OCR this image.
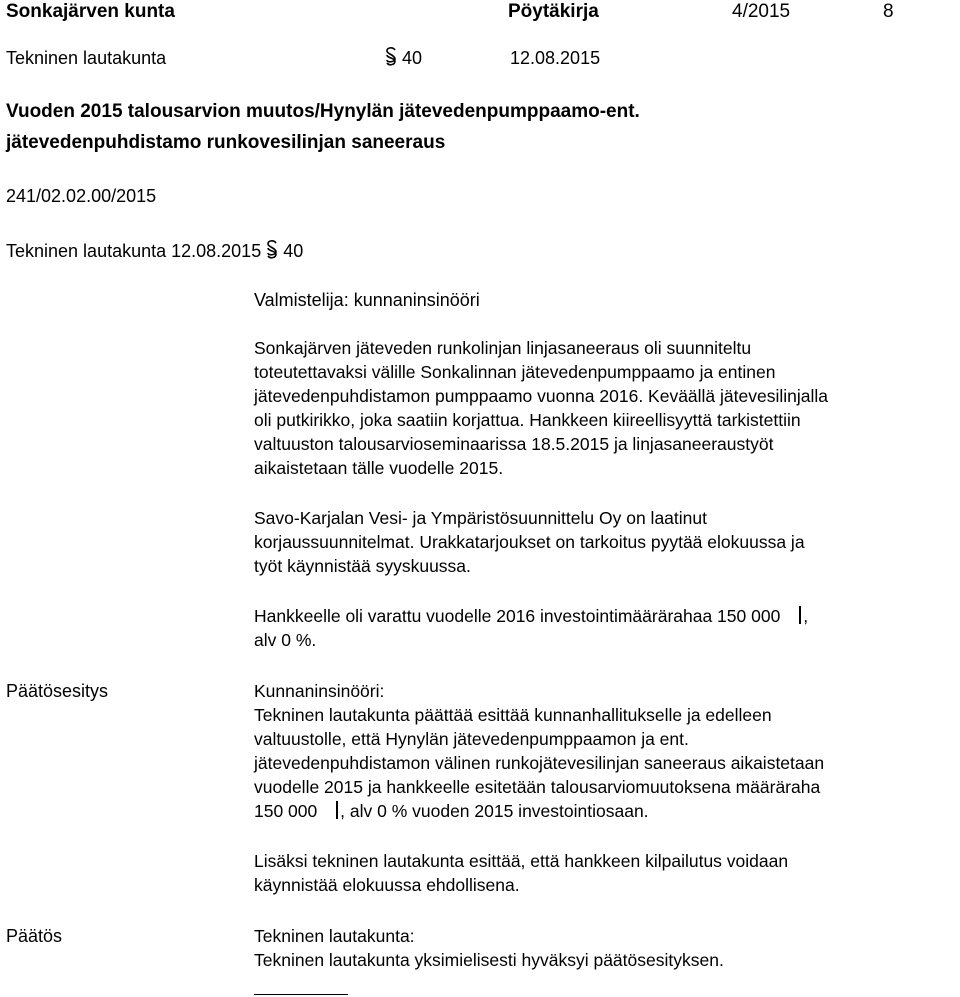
Sonkajärven kunta	Pöytäkirja	4/2015	8
Tekninen lautakunta	40	12.08.2015
Vuoden 2015 talousarvion muutos/Hynylän jätevedenpumppaamo-ent.
jätevedenpuhdistamo runkovesilinjan saneeraus
241/02.02.00/2015
Tekninen lautakunta 12.08.2015 40
Valmistelija: kunnaninsinööri
Sonkajärven jäteveden runkolinjan linjasaneeraus oli suunniteltu
toteutettavaksi välille Sonkalinnan jätevedenpumppaamo ja entinen
jätevedenpuhdistamon pumppaamo vuonna 2016. Keväällä jätevesilinjalla
oli putkirikko, joka saatiin korjattua. Hankkeen kiireellisyyttä tarkistettiin
valtuuston talousarvioseminaarissa 18.5.2015 ja linjasaneeraustyöt
aikaistetaan tälle vuodelle 2015.
Savo-Karjalan Vesi- ja Ympäristösuunnittelu Oy on laatinut
korjaussuunnitelmat. Urakkatarjoukset on tarkoitus pyytää elokuussa ja
työt käynnistää syyskuussa.
Hankkeelle oli varattu vuodelle 2016 investointimäärärahaa 150 000 ,
alv 0 %.
Päätösesitys	Kunnaninsinööri:
Tekninen lautakunta päättää esittää kunnanhallitukselle ja edelleen
valtuustolle, että Hynylän jätevedenpumppaamon ja ent.
jätevedenpuhdistamon välinen runkojätevesilinjan saneeraus aikaistetaan
vuodelle 2015 ja hankkeelle esitetään talousarviomuutoksena määräraha
150 000 , alv 0 % vuoden 2015 investointiosaan.
Lisäksi tekninen lautakunta esittää, että hankkeen kilpailutus voidaan
käynnistää elokuussa ehdollisena.
Päätös	Tekninen lautakunta:
Tekninen lautakunta yksimielisesti hyväksyi päätösesityksen.
